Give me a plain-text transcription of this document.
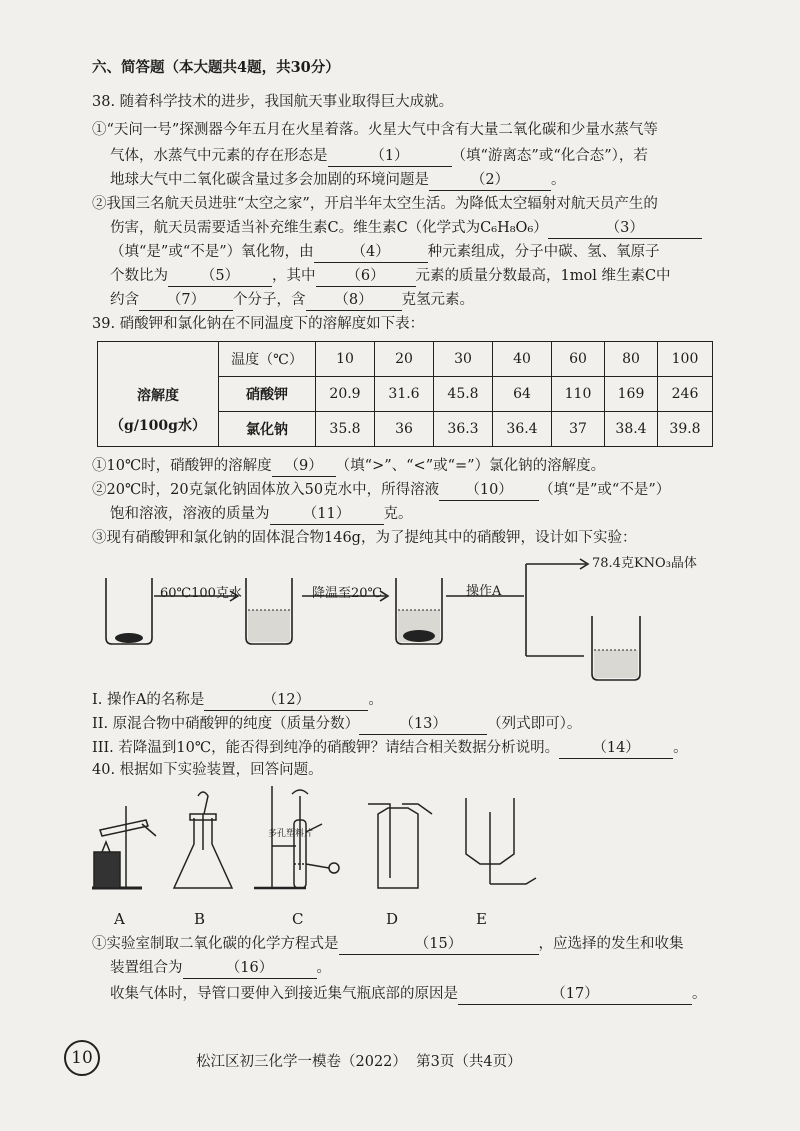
六、简答题（本大题共4题，共30分）
38. 随着科学技术的进步，我国航天事业取得巨大成就。
①“天问一号”探测器今年五月在火星着落。火星大气中含有大量二氧化碳和少量水蒸气等
气体，水蒸气中元素的存在形态是	（1）	（填“游离态”或“化合态”），若
地球大气中二氧化碳含量过多会加剧的环境问题是	（2）	。
②我国三名航天员进驻“太空之家”，开启半年太空生活。为降低太空辐射对航天员产生的
伤害，航天员需要适当补充维生素C。维生素C（化学式为C₆H₈O₆）	（3）
（填“是”或“不是”）氧化物，由	（4）	种元素组成，分子中碳、氢、氧原子
个数比为 （5） ，其中 （6） 元素的质量分数最高，1mol 维生素C中
约含 （7） 个分子，含 （8） 克氢元素。
39. 硝酸钾和氯化钠在不同温度下的溶解度如下表：
	温度（℃）	10	20	30	40	60	80	100

溶解度
（g/100g水）	硝酸钾	20.9	31.6	45.8	64	110	169	246
	氯化钠	35.8	36	36.3	36.4	37	38.4	39.8
①10℃时，硝酸钾的溶解度 （9） （填“>”、“<”或“=”）氯化钠的溶解度。
②20℃时，20克氯化钠固体放入50克水中，所得溶液 （10） （填“是”或“不是”）
饱和溶液，溶液的质量为 （11） 克。
③现有硝酸钾和氯化钠的固体混合物146g，为了提纯其中的硝酸钾，设计如下实验：
60℃100克水	降温至20℃	操作A
78.4克KNO₃晶体
I. 操作A的名称是	（12）	。
II. 原混合物中硝酸钾的纯度（质量分数）	（13）	（列式即可）。
III. 若降温到10℃，能否得到纯净的硝酸钾？请结合相关数据分析说明。 （14） 。
40. 根据如下实验装置，回答问题。
多孔塑料片
A	B	C	D	E
①实验室制取二氧化碳的化学方程式是	（15）	，应选择的发生和收集
装置组合为	（16）	。
收集气体时，导管口要伸入到接近集气瓶底部的原因是	（17）	。
10	松江区初三化学一模卷（2022）  第3页（共4页）
